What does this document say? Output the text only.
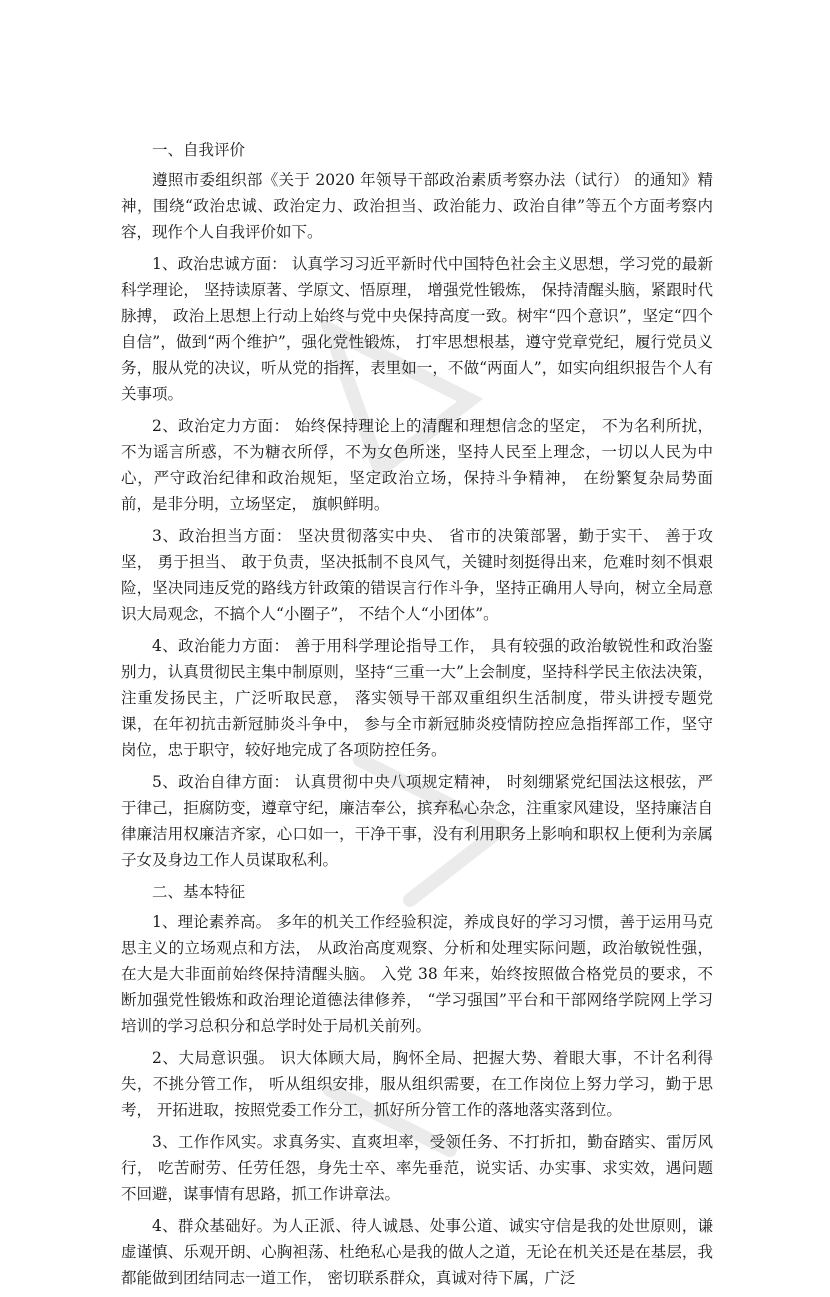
一、自我评价

遵照市委组织部《关于 2020 年领导干部政治素质考察办法（试行） 的通知》精神，围绕“政治忠诚、政治定力、政治担当、政治能力、政治自律”等五个方面考察内容，现作个人自我评价如下。

1、政治忠诚方面： 认真学习习近平新时代中国特色社会主义思想，学习党的最新科学理论， 坚持读原著、学原文、悟原理， 增强党性锻炼， 保持清醒头脑，紧跟时代脉搏， 政治上思想上行动上始终与党中央保持高度一致。树牢“四个意识”，坚定“四个自信”，做到“两个维护”，强化党性锻炼， 打牢思想根基，遵守党章党纪，履行党员义务，服从党的决议，听从党的指挥，表里如一，不做“两面人”，如实向组织报告个人有关事项。

2、政治定力方面： 始终保持理论上的清醒和理想信念的坚定， 不为名利所扰，不为谣言所惑，不为糖衣所俘，不为女色所迷，坚持人民至上理念，一切以人民为中心，严守政治纪律和政治规矩，坚定政治立场，保持斗争精神， 在纷繁复杂局势面前，是非分明，立场坚定， 旗帜鲜明。

3、政治担当方面： 坚决贯彻落实中央、 省市的决策部署，勤于实干、 善于攻坚， 勇于担当、 敢于负责，坚决抵制不良风气，关键时刻挺得出来，危难时刻不惧艰险，坚决同违反党的路线方针政策的错误言行作斗争，坚持正确用人导向，树立全局意识大局观念，不搞个人“小圈子”， 不结个人“小团体”。

4、政治能力方面： 善于用科学理论指导工作， 具有较强的政治敏锐性和政治鉴别力，认真贯彻民主集中制原则，坚持“三重一大”上会制度，坚持科学民主依法决策，注重发扬民主，广泛听取民意， 落实领导干部双重组织生活制度，带头讲授专题党课，在年初抗击新冠肺炎斗争中， 参与全市新冠肺炎疫情防控应急指挥部工作，坚守岗位，忠于职守，较好地完成了各项防控任务。

5、政治自律方面： 认真贯彻中央八项规定精神， 时刻绷紧党纪国法这根弦，严于律己，拒腐防变，遵章守纪，廉洁奉公，摈弃私心杂念，注重家风建设，坚持廉洁自律廉洁用权廉洁齐家，心口如一，干净干事，没有利用职务上影响和职权上便利为亲属子女及身边工作人员谋取私利。

二、基本特征

1、理论素养高。 多年的机关工作经验积淀，养成良好的学习习惯，善于运用马克思主义的立场观点和方法， 从政治高度观察、分析和处理实际问题，政治敏锐性强， 在大是大非面前始终保持清醒头脑。 入党 38 年来，始终按照做合格党员的要求，不断加强党性锻炼和政治理论道德法律修养， “学习强国”平台和干部网络学院网上学习培训的学习总积分和总学时处于局机关前列。

2、大局意识强。 识大体顾大局，胸怀全局、把握大势、着眼大事，不计名利得失，不挑分管工作， 听从组织安排，服从组织需要，在工作岗位上努力学习，勤于思考， 开拓进取，按照党委工作分工，抓好所分管工作的落地落实落到位。

3、工作作风实。求真务实、直爽坦率，受领任务、不打折扣，勤奋踏实、雷厉风行， 吃苦耐劳、任劳任怨，身先士卒、率先垂范，说实话、办实事、求实效，遇问题不回避，谋事情有思路，抓工作讲章法。

4、群众基础好。为人正派、待人诚恳、处事公道、诚实守信是我的处世原则，谦虚谨慎、乐观开朗、心胸袒荡、杜绝私心是我的做人之道，无论在机关还是在基层，我都能做到团结同志一道工作， 密切联系群众，真诚对待下属，广泛
